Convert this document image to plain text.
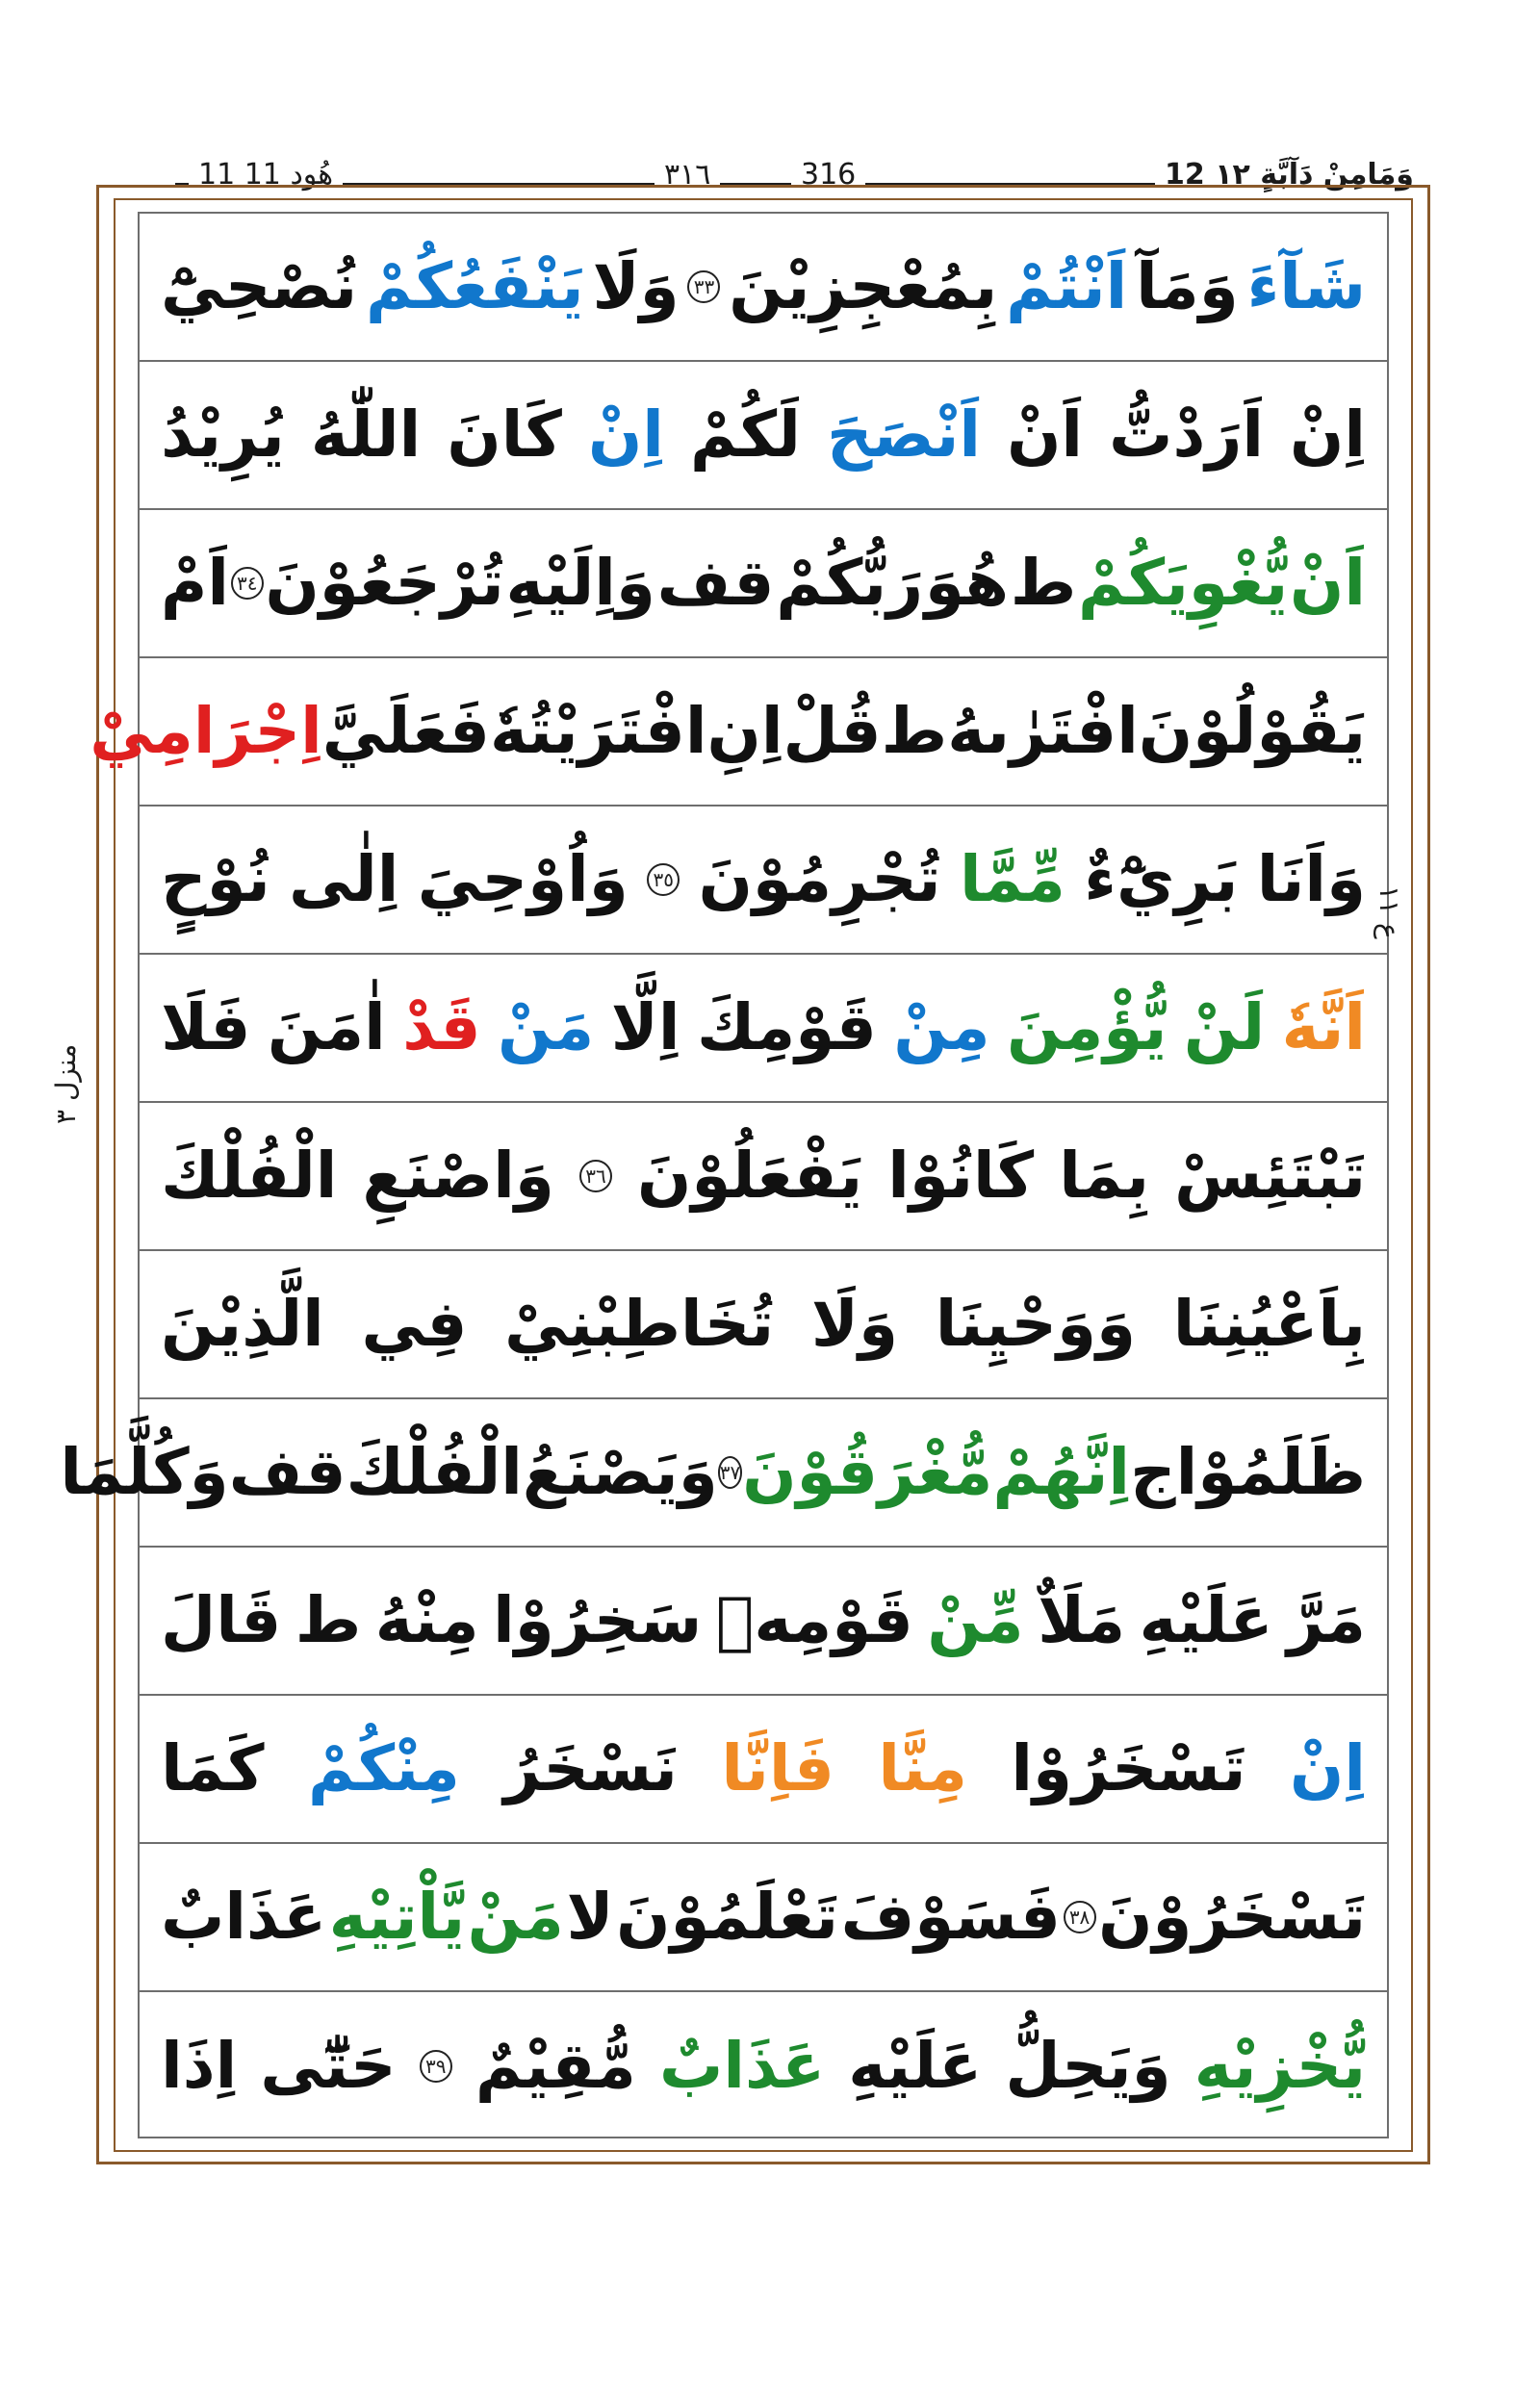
11 هُود 11	٣١٦	316	12 وَمَامِنْ دَآبَّةٍ ١٢
شَآءَ
وَمَآ
اَنْتُمْ
بِمُعْجِزِيْنَ
٣٣
وَلَا
يَنْفَعُكُمْ
نُصْحِيْٓ
اِنْ
اَرَدْتُّ
اَنْ
اَنْصَحَ
لَكُمْ
اِنْ
كَانَ
اللّٰهُ
يُرِيْدُ
اَنْ
يُّغْوِيَكُمْ
ط
هُوَ
رَبُّكُمْ
قف
وَاِلَيْهِ
تُرْجَعُوْنَ
٣٤
اَمْ
يَقُوْلُوْنَ
افْتَرٰىهُ
ط
قُلْ
اِنِ
افْتَرَيْتُهٗ
فَعَلَيَّ
اِجْرَامِيْ
وَاَنَا
بَرِيْٓءٌ
مِّمَّا
تُجْرِمُوْنَ
٣٥
وَاُوْحِيَ
اِلٰى
نُوْحٍ
اَنَّهٗ
لَنْ
يُّؤْمِنَ
مِنْ
قَوْمِكَ
اِلَّا
مَنْ
قَدْ
اٰمَنَ
فَلَا
تَبْتَئِسْ
بِمَا
كَانُوْا
يَفْعَلُوْنَ
٣٦
وَاصْنَعِ
الْفُلْكَ
بِاَعْيُنِنَا
وَوَحْيِنَا
وَلَا
تُخَاطِبْنِيْ
فِي
الَّذِيْنَ
ظَلَمُوْا
ج
اِنَّهُمْ
مُّغْرَقُوْنَ
٣٧
وَيَصْنَعُ
الْفُلْكَ
قف
وَكُلَّمَا
مَرَّ
عَلَيْهِ
مَلَاٌ
مِّنْ
قَوْمِهٖ
سَخِرُوْا
مِنْهُ
ط
قَالَ
اِنْ
تَسْخَرُوْا
مِنَّا
فَاِنَّا
نَسْخَرُ
مِنْكُمْ
كَمَا
تَسْخَرُوْنَ
٣٨
فَسَوْفَ
تَعْلَمُوْنَ
لا
مَنْ
يَّاْتِيْهِ
عَذَابٌ
يُّخْزِيْهِ
وَيَحِلُّ
عَلَيْهِ
عَذَابٌ
مُّقِيْمٌ
٣٩
حَتّٰٓى
اِذَا
ع ١١
منزل ٣
